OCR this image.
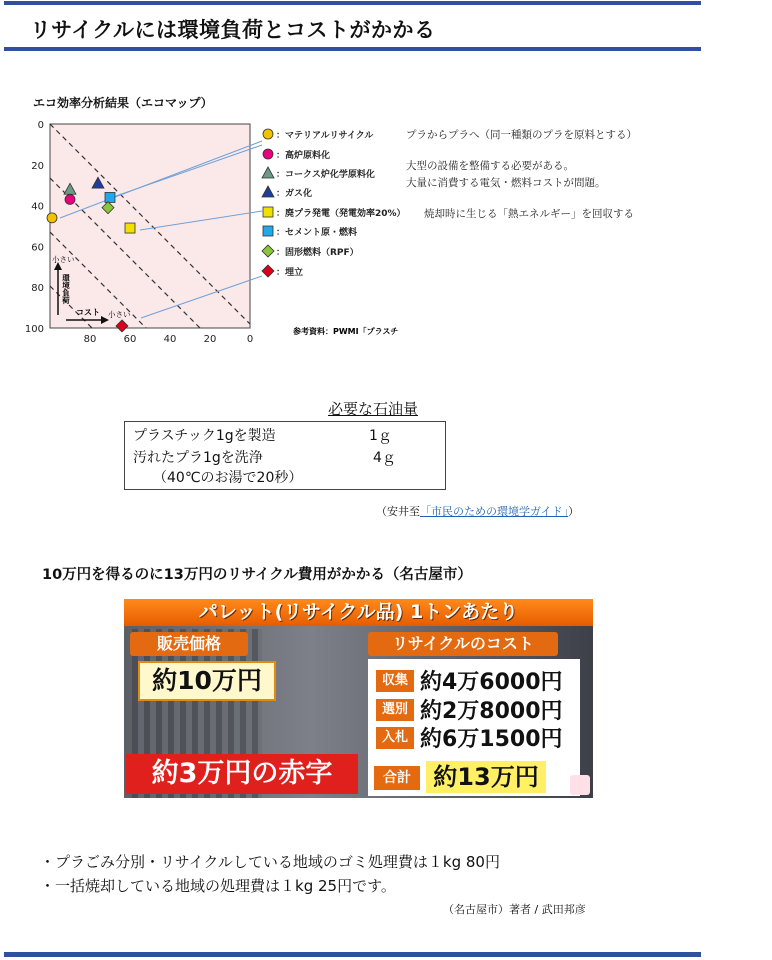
リサイクルには環境負荷とコストがかかる
エコ効率分析結果（エコマップ）
0
20
40
60
80
100
80	60	40	20	0
小さい
環境負荷
コスト 小さい
参考資料：PWMI「プラスチ
：マテリアルリサイクル
：高炉原料化
：コークス炉化学原料化
：ガス化
：廃プラ発電（発電効率20%）
：セメント原・燃料
：固形燃料（RPF）
：埋立
プラからプラへ（同一種類のプラを原料とする）
大型の設備を整備する必要がある。
大量に消費する電気・燃料コストが問題。
焼却時に生じる「熱エネルギー」を回収する
必要な石油量
プラスチック1gを製造	1ｇ
汚れたプラ1gを洗浄	4ｇ
（40℃のお湯で20秒）
（安井至「市民のための環境学ガイド」）
10万円を得るのに13万円のリサイクル費用がかかる（名古屋市）
パレット(リサイクル品) 1トンあたり
販売価格
約10万円
リサイクルのコスト
収集 約4万6000円
選別 約2万8000円
入札 約6万1500円
合計 約13万円
約3万円の赤字
・プラごみ分別・リサイクルしている地域のゴミ処理費は１kg 80円
・一括焼却している地域の処理費は１kg 25円です。
（名古屋市）著者 / 武田邦彦
